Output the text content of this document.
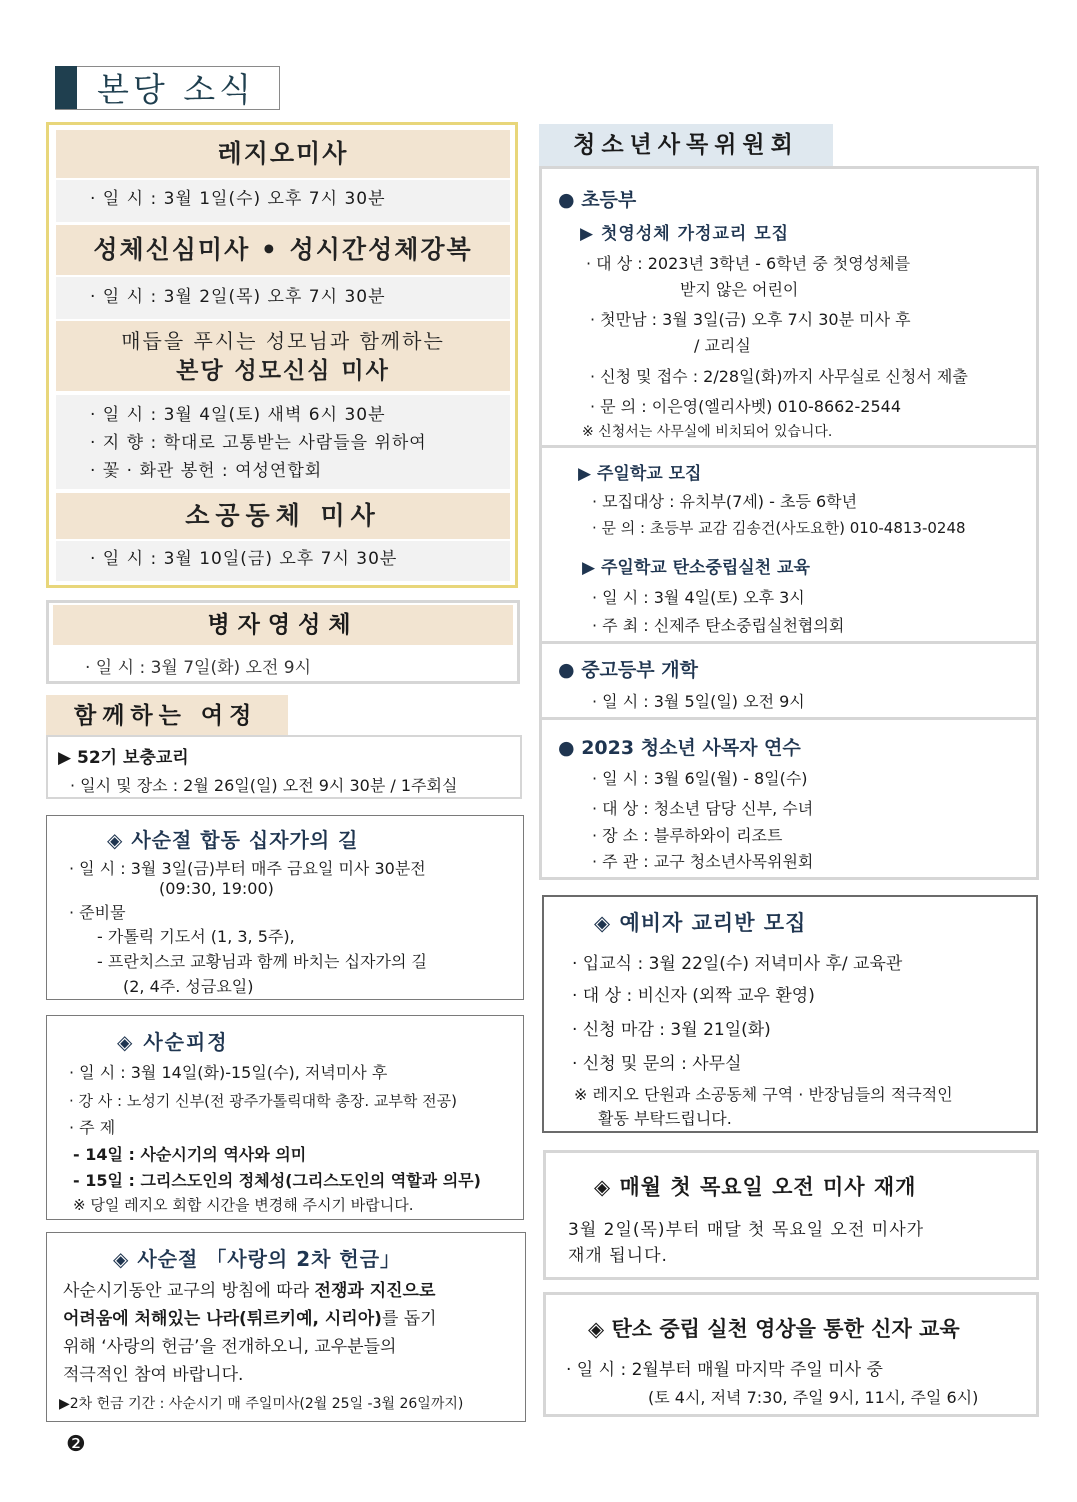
본당 소식
레지오미사
· 일 시 : 3월 1일(수) 오후 7시 30분
성체신심미사 • 성시간성체강복
· 일 시 : 3월 2일(목) 오후 7시 30분
매듭을 푸시는 성모님과 함께하는
본당 성모신심 미사
· 일 시 : 3월 4일(토) 새벽 6시 30분
· 지 향 : 학대로 고통받는 사람들을 위하여
· 꽃 · 화관 봉헌 : 여성연합회
소공동체 미사
· 일 시 : 3월 10일(금) 오후 7시 30분
병자영성체
· 일 시 : 3월 7일(화) 오전 9시
함께하는 여정
▶ 52기 보충교리
· 일시 및 장소 : 2월 26일(일) 오전 9시 30분 / 1주회실
◈ 사순절 합동 십자가의 길
· 일 시 : 3월 3일(금)부터 매주 금요일 미사 30분전
(09:30, 19:00)
· 준비물
- 가톨릭 기도서 (1, 3, 5주),
- 프란치스코 교황님과 함께 바치는 십자가의 길
(2, 4주. 성금요일)
◈ 사순피정
· 일 시 : 3월 14일(화)-15일(수), 저녁미사 후
· 강 사 : 노성기 신부(전 광주가톨릭대학 총장. 교부학 전공)
· 주 제
- 14일 : 사순시기의 역사와 의미
- 15일 : 그리스도인의 정체성(그리스도인의 역할과 의무)
※ 당일 레지오 회합 시간을 변경해 주시기 바랍니다.
◈ 사순절 「사랑의 2차 헌금」
사순시기동안 교구의 방침에 따라 전쟁과 지진으로
어려움에 처해있는 나라(튀르키예, 시리아)를 돕기
위해 ‘사랑의 헌금’을 전개하오니, 교우분들의
적극적인 참여 바랍니다.
▶2차 헌금 기간 : 사순시기 매 주일미사(2월 25일 -3월 26일까지)
❷
청소년사목위원회
● 초등부
▶ 첫영성체 가정교리 모집
· 대 상 : 2023년 3학년 - 6학년 중 첫영성체를
받지 않은 어린이
· 첫만남 : 3월 3일(금) 오후 7시 30분 미사 후
/ 교리실
· 신청 및 접수 : 2/28일(화)까지 사무실로 신청서 제출
· 문 의 : 이은영(엘리사벳) 010-8662-2544
※ 신청서는 사무실에 비치되어 있습니다.
▶ 주일학교 모집
· 모집대상 : 유치부(7세) - 초등 6학년
· 문 의 : 초등부 교감 김송건(사도요한) 010-4813-0248
▶ 주일학교 탄소중립실천 교육
· 일 시 : 3월 4일(토) 오후 3시
· 주 최 : 신제주 탄소중립실천협의회
● 중고등부 개학
· 일 시 : 3월 5일(일) 오전 9시
● 2023 청소년 사목자 연수
· 일 시 : 3월 6일(월) - 8일(수)
· 대 상 : 청소년 담당 신부, 수녀
· 장 소 : 블루하와이 리조트
· 주 관 : 교구 청소년사목위원회
◈ 예비자 교리반 모집
· 입교식 : 3월 22일(수) 저녁미사 후/ 교육관
· 대 상 : 비신자 (외짝 교우 환영)
· 신청 마감 : 3월 21일(화)
· 신청 및 문의 : 사무실
※ 레지오 단원과 소공동체 구역 · 반장님들의 적극적인
활동 부탁드립니다.
◈ 매월 첫 목요일 오전 미사 재개
3월 2일(목)부터 매달 첫 목요일 오전 미사가
재개 됩니다.
◈ 탄소 중립 실천 영상을 통한 신자 교육
· 일 시 : 2월부터 매월 마지막 주일 미사 중
(토 4시, 저녁 7:30, 주일 9시, 11시, 주일 6시)
